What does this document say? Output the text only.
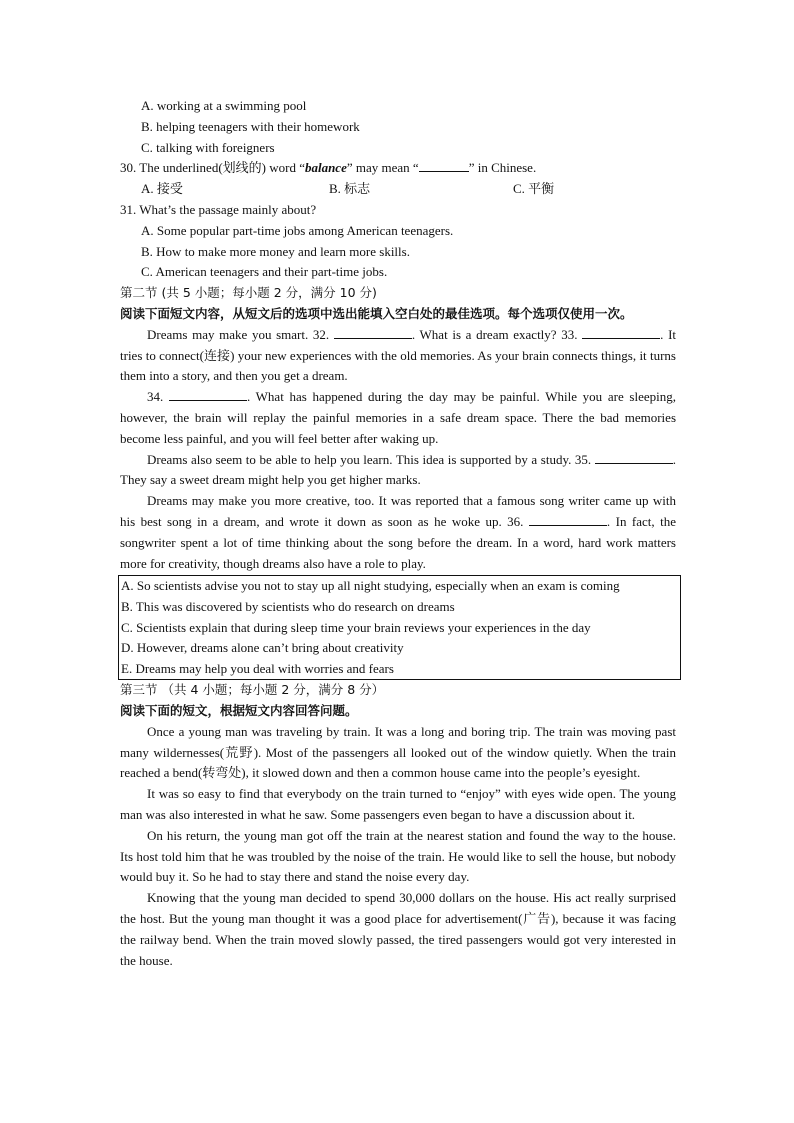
A. working at a swimming pool
B. helping teenagers with their homework
C. talking with foreigners
30. The underlined(划线的) word “balance” may mean “	” in Chinese.
A. 接受	B. 标志	C. 平衡
31. What’s the passage mainly about?
A. Some popular part-time jobs among American teenagers.
B. How to make more money and learn more skills.
C. American teenagers and their part-time jobs.
第二节 (共 5 小题；每小题 2 分，满分 10 分)
阅读下面短文内容，从短文后的选项中选出能填入空白处的最佳选项。每个选项仅使用一次。
Dreams may make you smart. 32.	. What is a dream exactly? 33.	. It tries to connect(连接) your new experiences with the old memories. As your brain connects things, it turns them into a story, and then you get a dream.
34.	. What has happened during the day may be painful. While you are sleeping, however, the brain will replay the painful memories in a safe dream space. There the bad memories become less painful, and you will feel better after waking up.
Dreams also seem to be able to help you learn. This idea is supported by a study. 35.	. They say a sweet dream might help you get higher marks.
Dreams may make you more creative, too. It was reported that a famous song writer came up with his best song in a dream, and wrote it down as soon as he woke up. 36.	. In fact, the songwriter spent a lot of time thinking about the song before the dream. In a word, hard work matters more for creativity, though dreams also have a role to play.
A. So scientists advise you not to stay up all night studying, especially when an exam is coming
B. This was discovered by scientists who do research on dreams
C. Scientists explain that during sleep time your brain reviews your experiences in the day
D. However, dreams alone can’t bring about creativity
E. Dreams may help you deal with worries and fears
第三节 （共 4 小题；每小题 2 分，满分 8 分）
阅读下面的短文，根据短文内容回答问题。
Once a young man was traveling by train. It was a long and boring trip. The train was moving past many wildernesses(荒野). Most of the passengers all looked out of the window quietly. When the train reached a bend(转弯处), it slowed down and then a common house came into the people’s eyesight.
It was so easy to find that everybody on the train turned to “enjoy” with eyes wide open. The young man was also interested in what he saw. Some passengers even began to have a discussion about it.
On his return, the young man got off the train at the nearest station and found the way to the house. Its host told him that he was troubled by the noise of the train. He would like to sell the house, but nobody would buy it. So he had to stay there and stand the noise every day.
Knowing that the young man decided to spend 30,000 dollars on the house. His act really surprised the host. But the young man thought it was a good place for advertisement(广告), because it was facing the railway bend. When the train moved slowly passed, the tired passengers would got very interested in the house.
